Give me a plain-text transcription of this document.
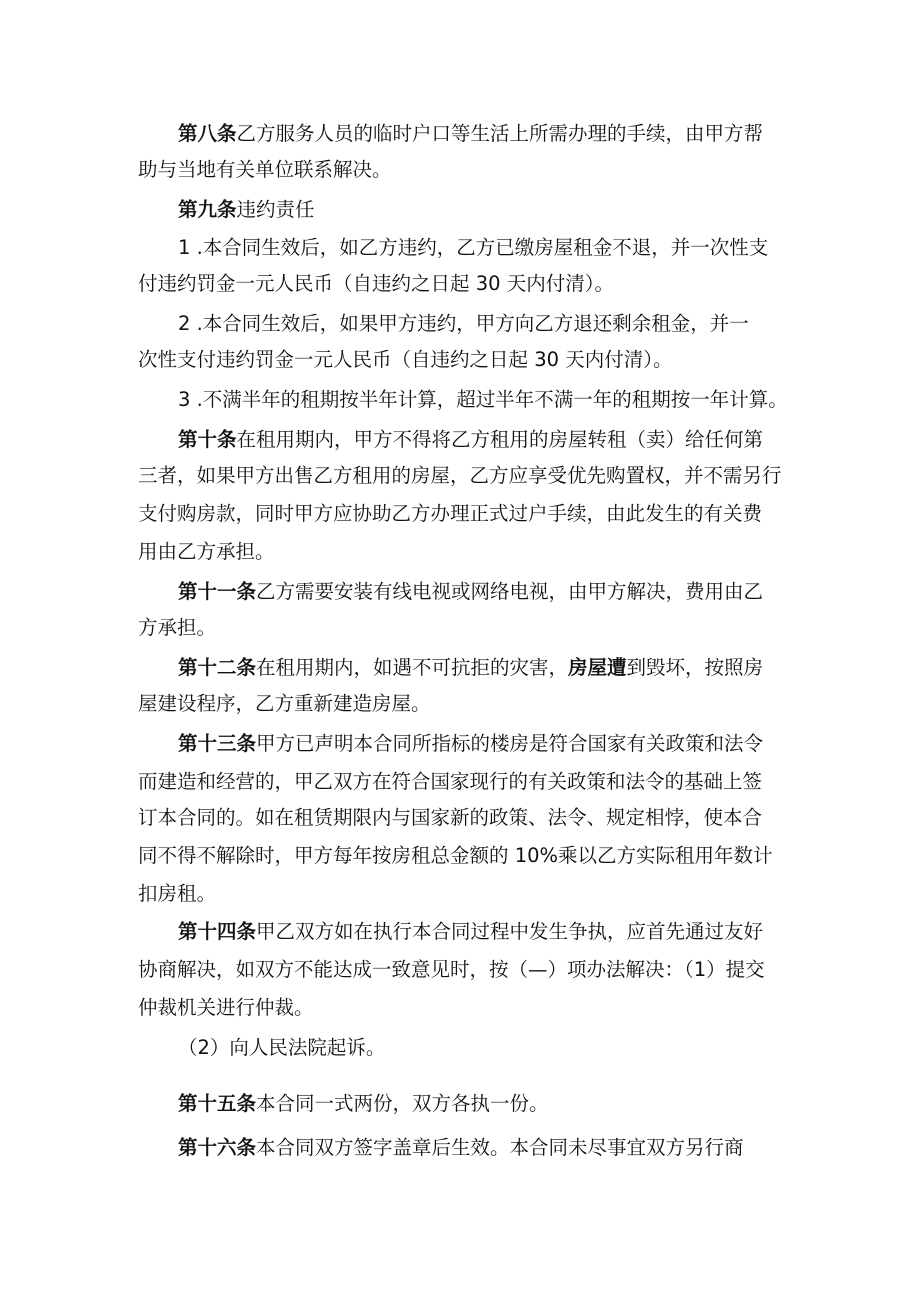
第八条乙方服务人员的临时户口等生活上所需办理的手续，由甲方帮
助与当地有关单位联系解决。
第九条违约责任
1 .本合同生效后，如乙方违约，乙方已缴房屋租金不退，并一次性支
付违约罚金一元人民币（自违约之日起 30 天内付清）。
2 .本合同生效后，如果甲方违约，甲方向乙方退还剩余租金，并一
次性支付违约罚金一元人民币（自违约之日起 30 天内付清）。
3 .不满半年的租期按半年计算，超过半年不满一年的租期按一年计算。
第十条在租用期内，甲方不得将乙方租用的房屋转租（卖）给任何第
三者，如果甲方出售乙方租用的房屋，乙方应享受优先购置权，并不需另行
支付购房款，同时甲方应协助乙方办理正式过户手续，由此发生的有关费
用由乙方承担。
第十一条乙方需要安装有线电视或网络电视，由甲方解决，费用由乙
方承担。
第十二条在租用期内，如遇不可抗拒的灾害，房屋遭到毁坏，按照房
屋建设程序，乙方重新建造房屋。
第十三条甲方已声明本合同所指标的楼房是符合国家有关政策和法令
而建造和经营的，甲乙双方在符合国家现行的有关政策和法令的基础上签
订本合同的。如在租赁期限内与国家新的政策、法令、规定相悖，使本合
同不得不解除时，甲方每年按房租总金额的 10%乘以乙方实际租用年数计
扣房租。
第十四条甲乙双方如在执行本合同过程中发生争执，应首先通过友好
协商解决，如双方不能达成一致意见时，按（—）项办法解决：（1）提交
仲裁机关进行仲裁。
（2）向人民法院起诉。
第十五条本合同一式两份，双方各执一份。
第十六条本合同双方签字盖章后生效。本合同未尽事宜双方另行商
